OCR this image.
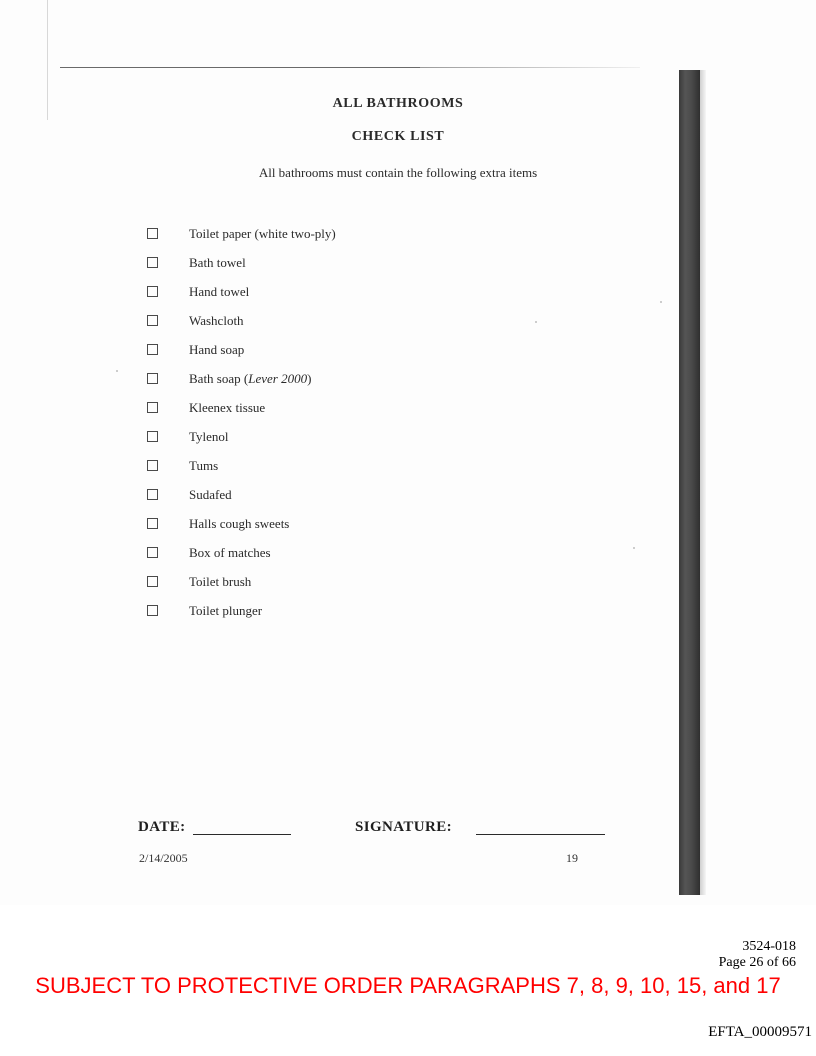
ALL BATHROOMS
CHECK LIST
All bathrooms must contain the following extra items
Toilet paper (white two-ply)
Bath towel
Hand towel
Washcloth
Hand soap
Bath soap (Lever 2000)
Kleenex tissue
Tylenol
Tums
Sudafed
Halls cough sweets
Box of matches
Toilet brush
Toilet plunger
DATE:	SIGNATURE:
2/14/2005	19
3524-018
Page 26 of 66
SUBJECT TO PROTECTIVE ORDER PARAGRAPHS 7, 8, 9, 10, 15, and 17
EFTA_00009571
